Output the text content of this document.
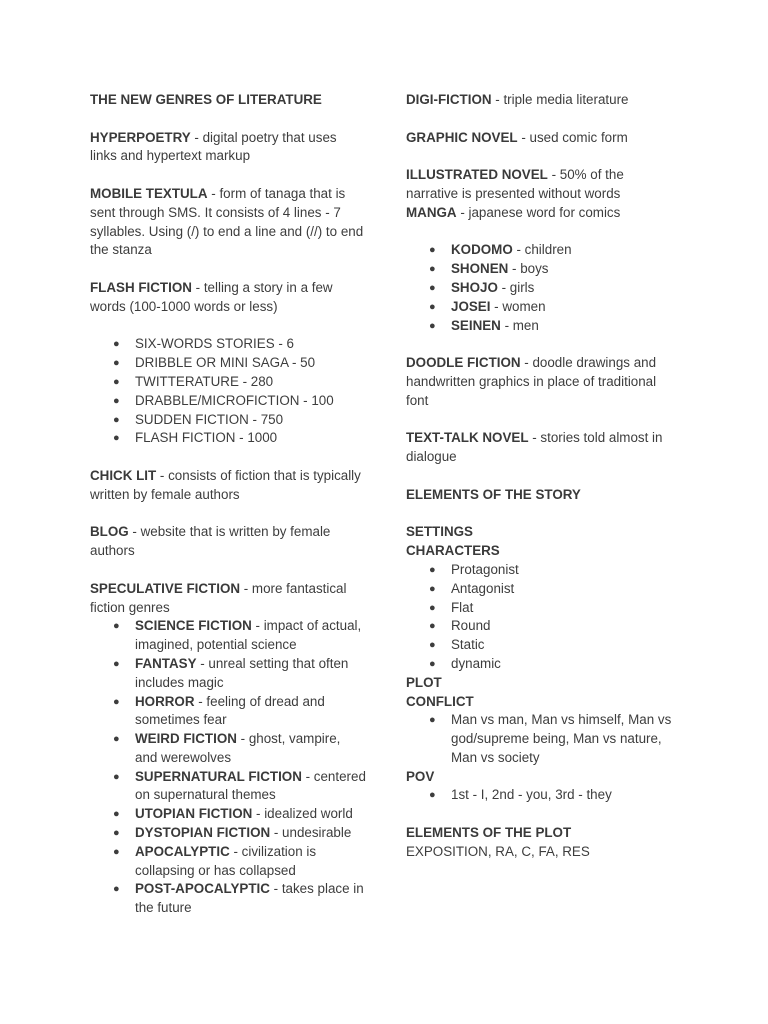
THE NEW GENRES OF LITERATURE

HYPERPOETRY - digital poetry that uses links and hypertext markup

MOBILE TEXTULA - form of tanaga that is sent through SMS. It consists of 4 lines - 7 syllables. Using (/) to end a line and (//) to end the stanza

FLASH FICTION - telling a story in a few words (100-1000 words or less)

● SIX-WORDS STORIES - 6
● DRIBBLE OR MINI SAGA - 50
● TWITTERATURE - 280
● DRABBLE/MICROFICTION - 100
● SUDDEN FICTION - 750
● FLASH FICTION - 1000

CHICK LIT - consists of fiction that is typically written by female authors

BLOG - website that is written by female authors

SPECULATIVE FICTION - more fantastical fiction genres

● SCIENCE FICTION - impact of actual, imagined, potential science
● FANTASY - unreal setting that often includes magic
● HORROR - feeling of dread and sometimes fear
● WEIRD FICTION - ghost, vampire, and werewolves
● SUPERNATURAL FICTION - centered on supernatural themes
● UTOPIAN FICTION - idealized world
● DYSTOPIAN FICTION - undesirable
● APOCALYPTIC - civilization is collapsing or has collapsed
● POST-APOCALYPTIC - takes place in the future

DIGI-FICTION - triple media literature

GRAPHIC NOVEL - used comic form

ILLUSTRATED NOVEL - 50% of the narrative is presented without words

MANGA - japanese word for comics

● KODOMO - children
● SHONEN - boys
● SHOJO - girls
● JOSEI - women
● SEINEN - men

DOODLE FICTION - doodle drawings and handwritten graphics in place of traditional font

TEXT-TALK NOVEL - stories told almost in dialogue

ELEMENTS OF THE STORY

SETTINGS

CHARACTERS

● Protagonist
● Antagonist
● Flat
● Round
● Static
● dynamic

PLOT

CONFLICT

● Man vs man, Man vs himself, Man vs god/supreme being, Man vs nature, Man vs society

POV

● 1st - I, 2nd - you, 3rd - they

ELEMENTS OF THE PLOT

EXPOSITION, RA, C, FA, RES
